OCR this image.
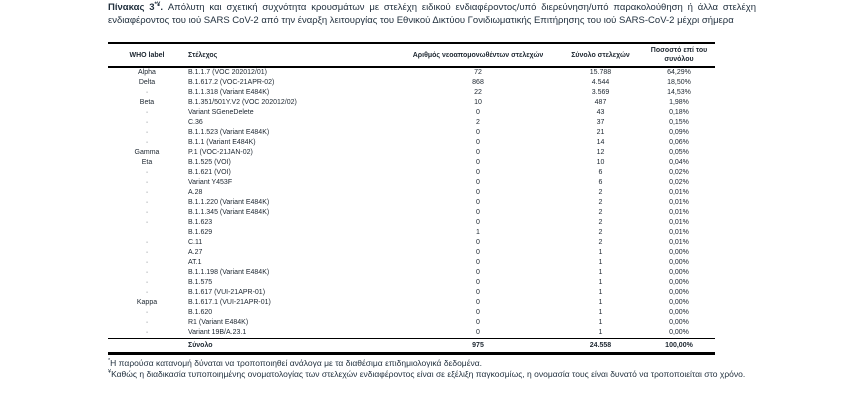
Πίνακας 3*¥. Απόλυτη και σχετική συχνότητα κρουσμάτων με στελέχη ειδικού ενδιαφέροντος/υπό διερεύνηση/υπό παρακολούθηση ή άλλα στελέχη ενδιαφέροντος του ιού SARS CoV-2 από την έναρξη λειτουργίας του Εθνικού Δικτύου Γονιδιωματικής Επιτήρησης του ιού SARS-CoV-2 μέχρι σήμερα

WHO label	Στέλεχος	Αριθμός νεοαπομονωθέντων στελεχών	Σύνολο στελεχών	Ποσοστό επί του συνόλου
Alpha	B.1.1.7 (VOC 202012/01)	72	15.788	64,29%
Delta	B.1.617.2 (VOC-21APR-02)	868	4.544	18,50%
·	B.1.1.318 (Variant E484K)	22	3.569	14,53%
Beta	B.1.351/501Y.V2 (VOC 202012/02)	10	487	1,98%
·	Variant SGeneDelete	0	43	0,18%
·	C.36	2	37	0,15%
·	B.1.1.523 (Variant E484K)	0	21	0,09%
·	B.1.1 (Variant E484K)	0	14	0,06%
Gamma	P.1 (VOC-21JAN-02)	0	12	0,05%
Eta	B.1.525 (VOI)	0	10	0,04%
·	B.1.621 (VOI)	0	6	0,02%
·	Variant Y453F	0	6	0,02%
·	A.28	0	2	0,01%
·	B.1.1.220 (Variant E484K)	0	2	0,01%
·	B.1.1.345 (Variant E484K)	0	2	0,01%
·	B.1.623	0	2	0,01%
	B.1.629	1	2	0,01%
·	C.11	0	2	0,01%
·	A.27	0	1	0,00%
·	AT.1	0	1	0,00%
·	B.1.1.198 (Variant E484K)	0	1	0,00%
·	B.1.575	0	1	0,00%
·	B.1.617 (VUI-21APR-01)	0	1	0,00%
Kappa	B.1.617.1 (VUI-21APR-01)	0	1	0,00%
·	B.1.620	0	1	0,00%
·	R1 (Variant E484K)	0	1	0,00%
·	Variant 19B/A.23.1	0	1	0,00%
	Σύνολο	975	24.558	100,00%

*Η παρούσα κατανομή δύναται να τροποποιηθεί ανάλογα με τα διαθέσιμα επιδημιολογικά δεδομένα.

¥Καθώς η διαδικασία τυποποιημένης ονοματολογίας των στελεχών ενδιαφέροντος είναι σε εξέλιξη παγκοσμίως, η ονομασία τους είναι δυνατό να τροποποιείται στο χρόνο.
